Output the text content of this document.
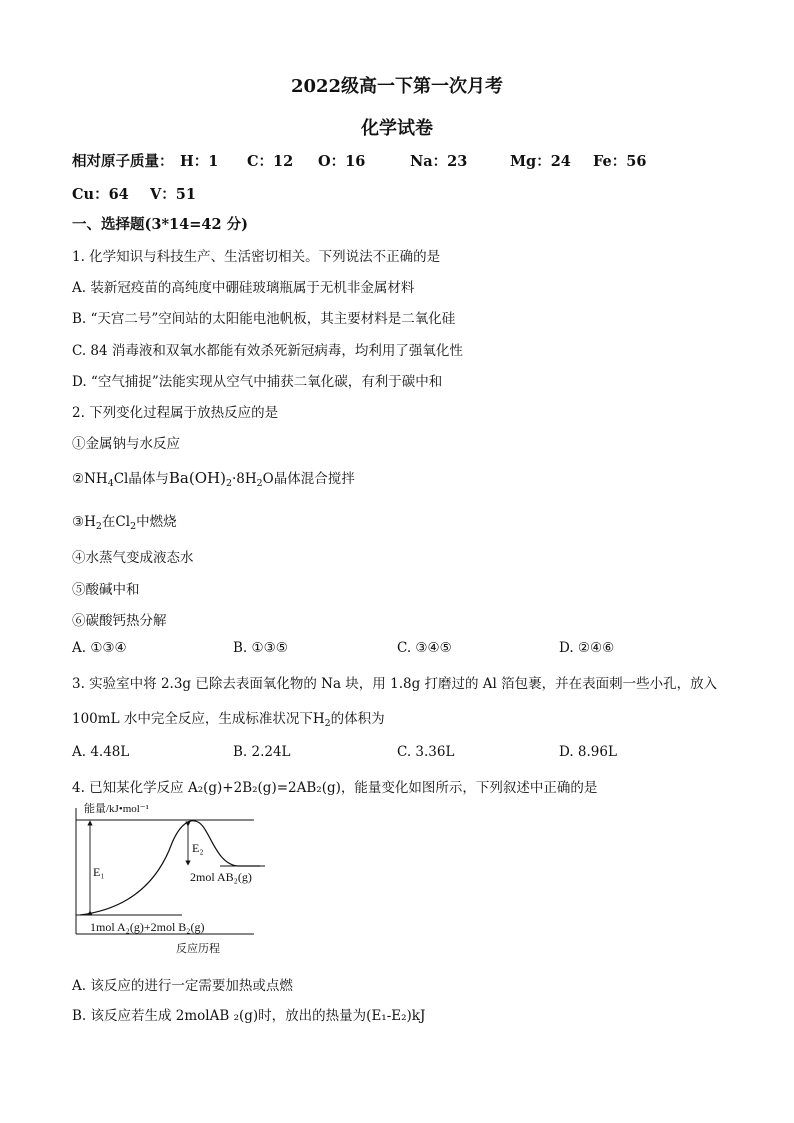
2022级高一下第一次月考
化学试卷
相对原子质量： H：1 C：12 O：16	Na：23	Mg：24 Fe：56
Cu：64 V：51
一、选择题(3*14=42 分)
1. 化学知识与科技生产、生活密切相关。下列说法不正确的是
A. 装新冠疫苗的高纯度中硼硅玻璃瓶属于无机非金属材料
B. “天宫二号”空间站的太阳能电池帆板，其主要材料是二氧化硅
C. 84 消毒液和双氧水都能有效杀死新冠病毒，均利用了强氧化性
D. “空气捕捉”法能实现从空气中捕获二氧化碳，有利于碳中和
2. 下列变化过程属于放热反应的是
①金属钠与水反应
$②NH_4Cl$晶体与$Ba(OH)_2\cdot 8H_2O$晶体混合搅拌
$③H_2$在$Cl_2$中燃烧
④水蒸气变成液态水
⑤酸碱中和
⑥碳酸钙热分解
A. ①③④	B. ①③⑤	C. ③④⑤	D. ②④⑥
3. 实验室中将 2.3g 已除去表面氧化物的 Na 块，用 1.8g 打磨过的 Al 箔包裹，并在表面刺一些小孔，放入
100mL 水中完全反应，生成标准状况下$H_2$的体积为
A. 4.48L	B. 2.24L	C. 3.36L	D. 8.96L
4. 已知某化学反应 A₂(g)+2B₂(g)=2AB₂(g)，能量变化如图所示，下列叙述中正确的是
能量/kJ•mol⁻¹
反应历程
E₁
E₂
2mol AB₂(g)
1mol A₂(g)+2mol B₂(g)
A. 该反应的进行一定需要加热或点燃
B. 该反应若生成 2molAB ₂(g)时，放出的热量为(E₁-E₂)kJ
